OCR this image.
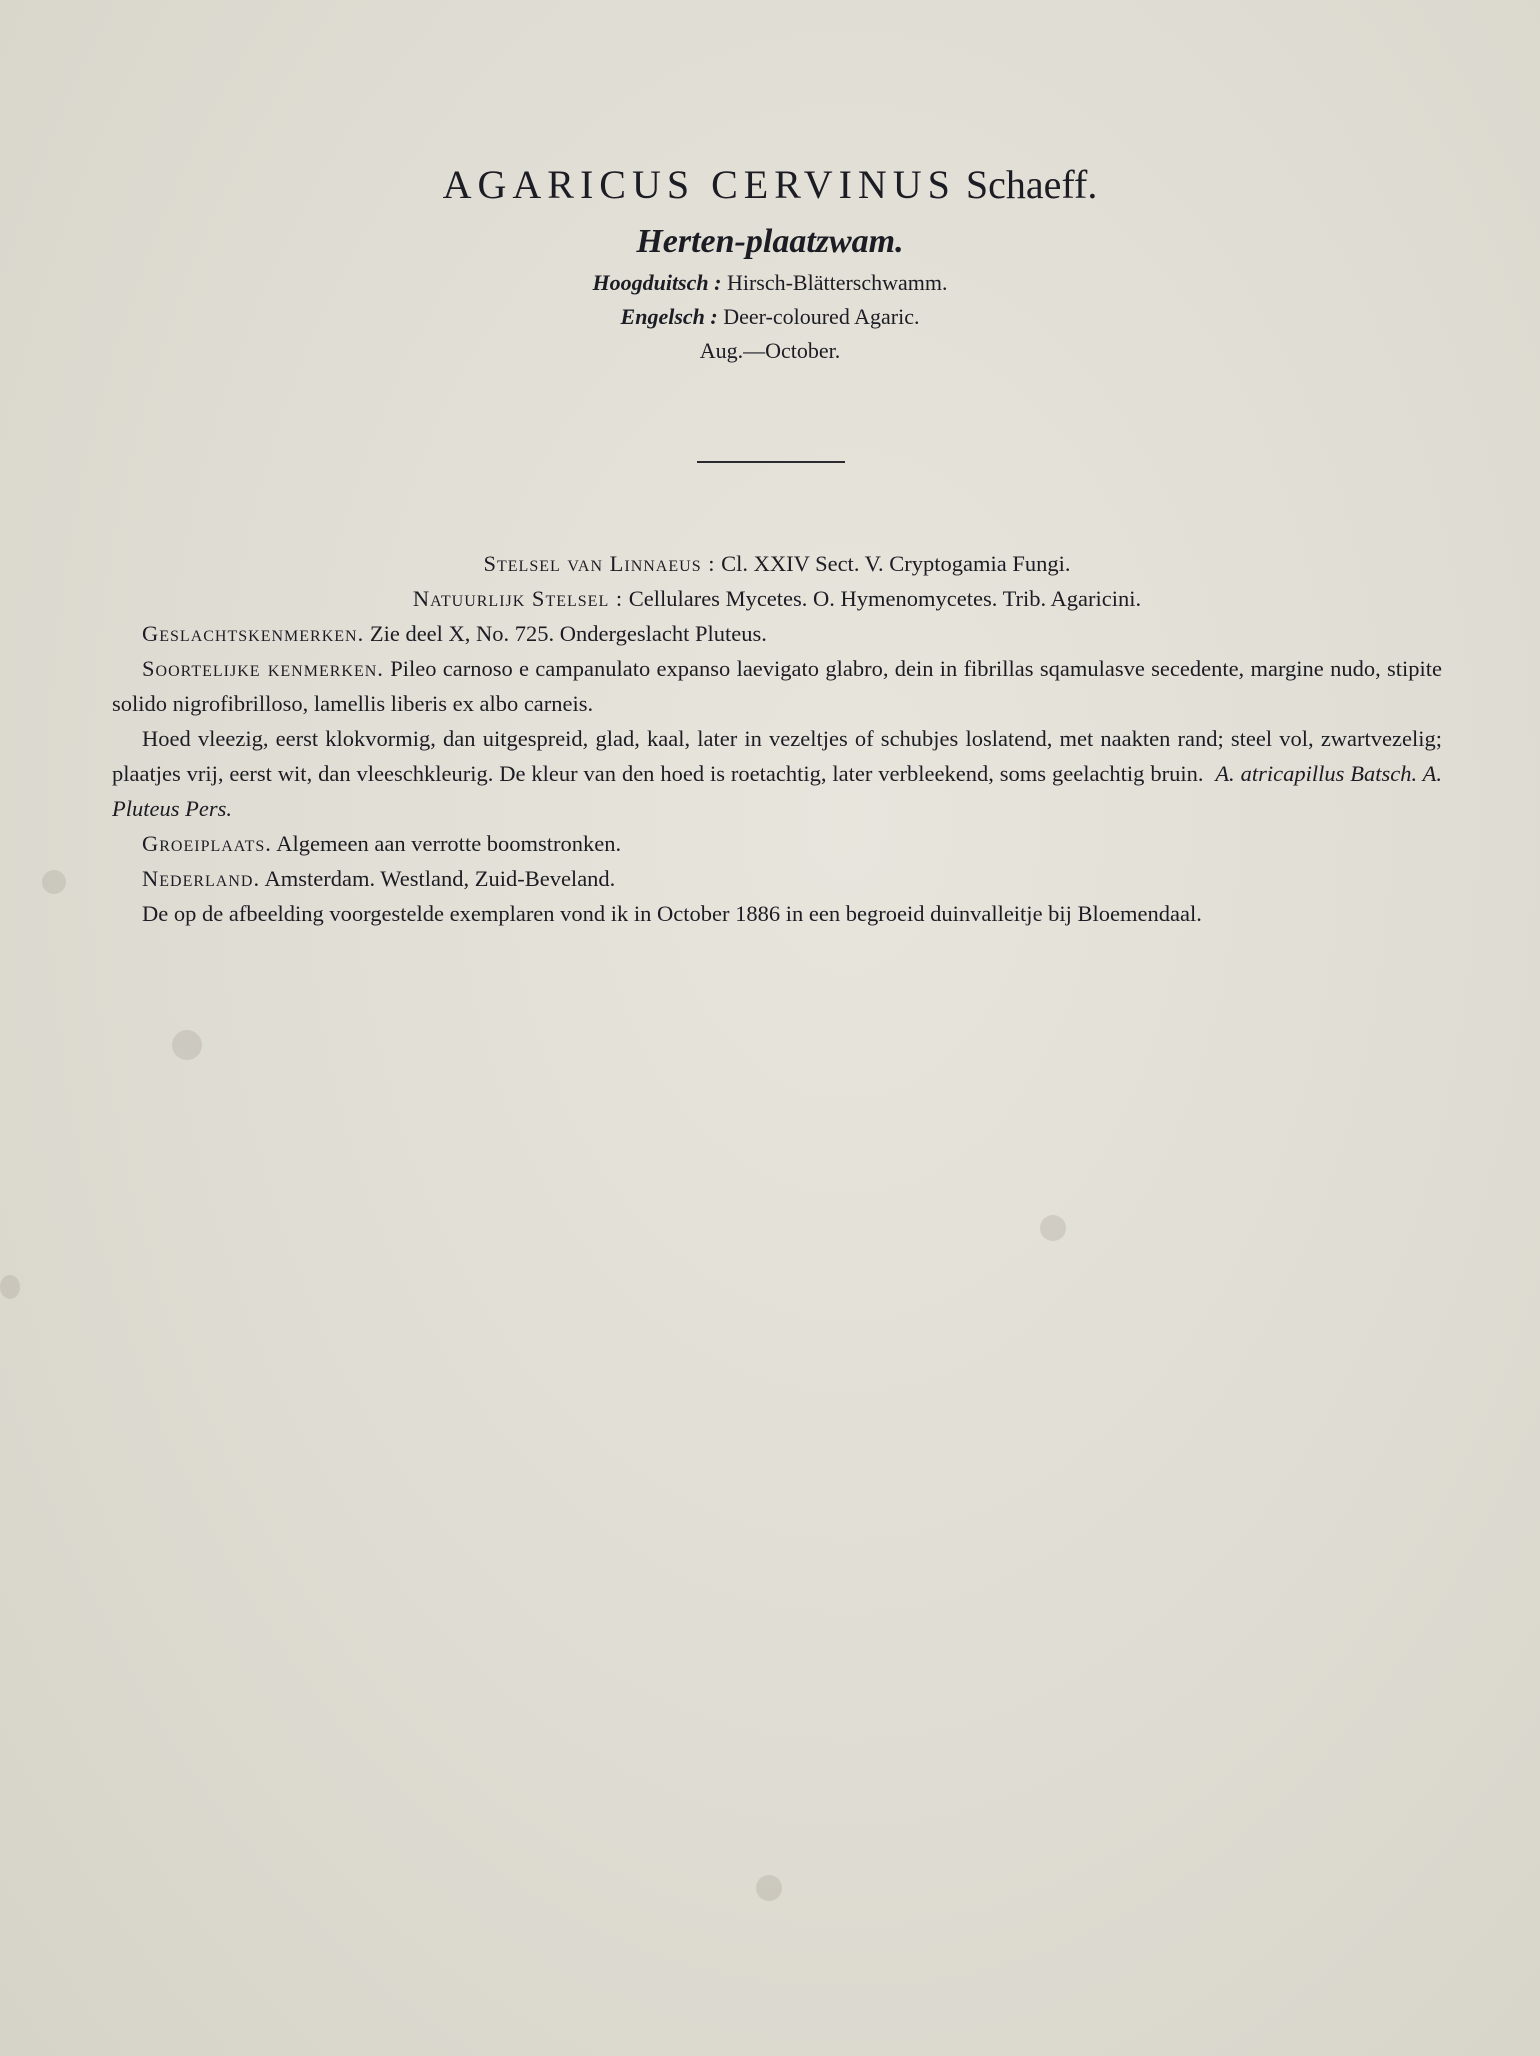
AGARICUS CERVINUS Schaeff.
Herten-plaatzwam.
Hoogduitsch : Hirsch-Blätterschwamm.
Engelsch : Deer-coloured Agaric.
Aug.—October.
Stelsel van Linnaeus : Cl. XXIV Sect. V. Cryptogamia Fungi.
Natuurlijk Stelsel : Cellulares Mycetes. O. Hymenomycetes. Trib. Agaricini.
Geslachtskenmerken. Zie deel X, No. 725. Ondergeslacht Pluteus.
Soortelijke kenmerken. Pileo carnoso e campanulato expanso laevigato glabro, dein in fibrillas sqamulasve secedente, margine nudo, stipite solido nigrofibrilloso, lamellis liberis ex albo carneis.
Hoed vleezig, eerst klokvormig, dan uitgespreid, glad, kaal, later in vezeltjes of schubjes loslatend, met naakten rand; steel vol, zwartvezelig; plaatjes vrij, eerst wit, dan vleeschkleurig. De kleur van den hoed is roetachtig, later verbleekend, soms geelachtig bruin. A. atricapillus Batsch. A. Pluteus Pers.
Groeiplaats. Algemeen aan verrotte boomstronken.
Nederland. Amsterdam. Westland, Zuid-Beveland.
De op de afbeelding voorgestelde exemplaren vond ik in October 1886 in een begroeid duinvalleitje bij Bloemendaal.
